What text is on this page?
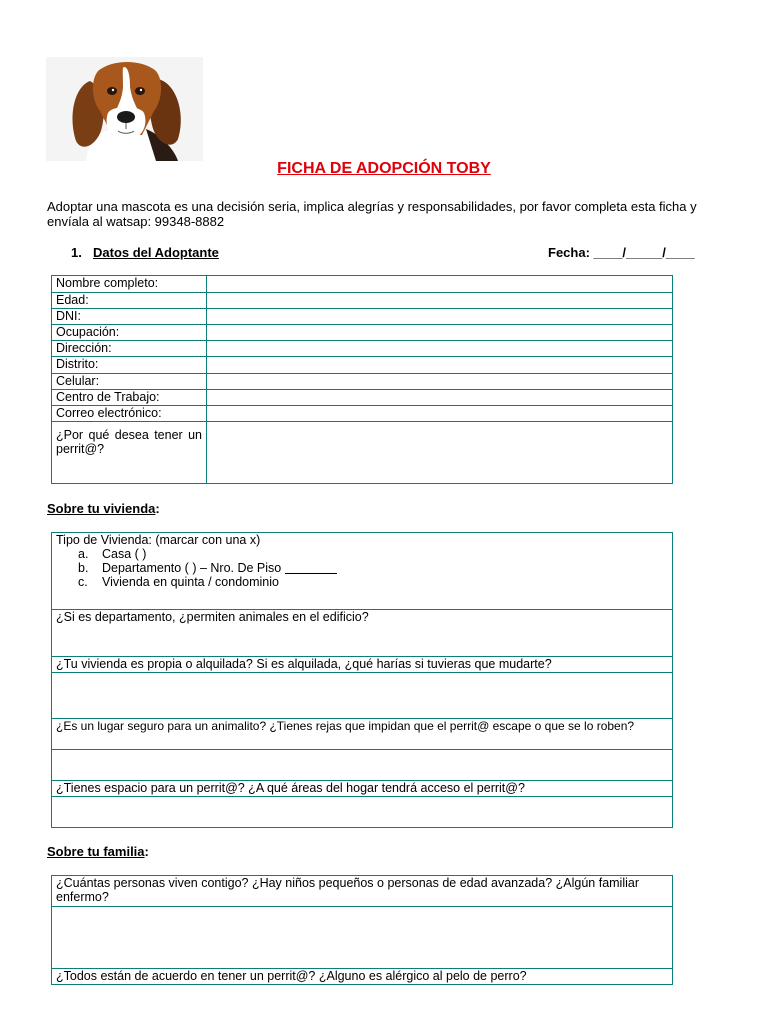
FICHA DE ADOPCIÓN TOBY
Adoptar una mascota es una decisión seria, implica alegrías y responsabilidades, por favor completa esta ficha y envíala al watsap: 99348-8882
1. Datos del Adoptante	Fecha: ____/_____/____
Nombre completo:	
Edad:	
DNI:	
Ocupación:	
Dirección:	
Distrito:	
Celular:	
Centro de Trabajo:	
Correo electrónico:	
¿Por qué desea tener un perrit@?	
Sobre tu vivienda:
Tipo de Vivienda: (marcar con una x)
a. Casa ( )
b. Departamento ( ) – Nro. De Piso
c. Vivienda en quinta / condominio

¿Si es departamento, ¿permiten animales en el edificio?
¿Tu vivienda es propia o alquilada? Si es alquilada, ¿qué harías si tuvieras que mudarte?

¿Es un lugar seguro para un animalito? ¿Tienes rejas que impidan que el perrit@ escape o que se lo roben?

¿Tienes espacio para un perrit@? ¿A qué áreas del hogar tendrá acceso el perrit@?

Sobre tu familia:
¿Cuántas personas viven contigo? ¿Hay niños pequeños o personas de edad avanzada? ¿Algún familiar enfermo?

¿Todos están de acuerdo en tener un perrit@? ¿Alguno es alérgico al pelo de perro?
